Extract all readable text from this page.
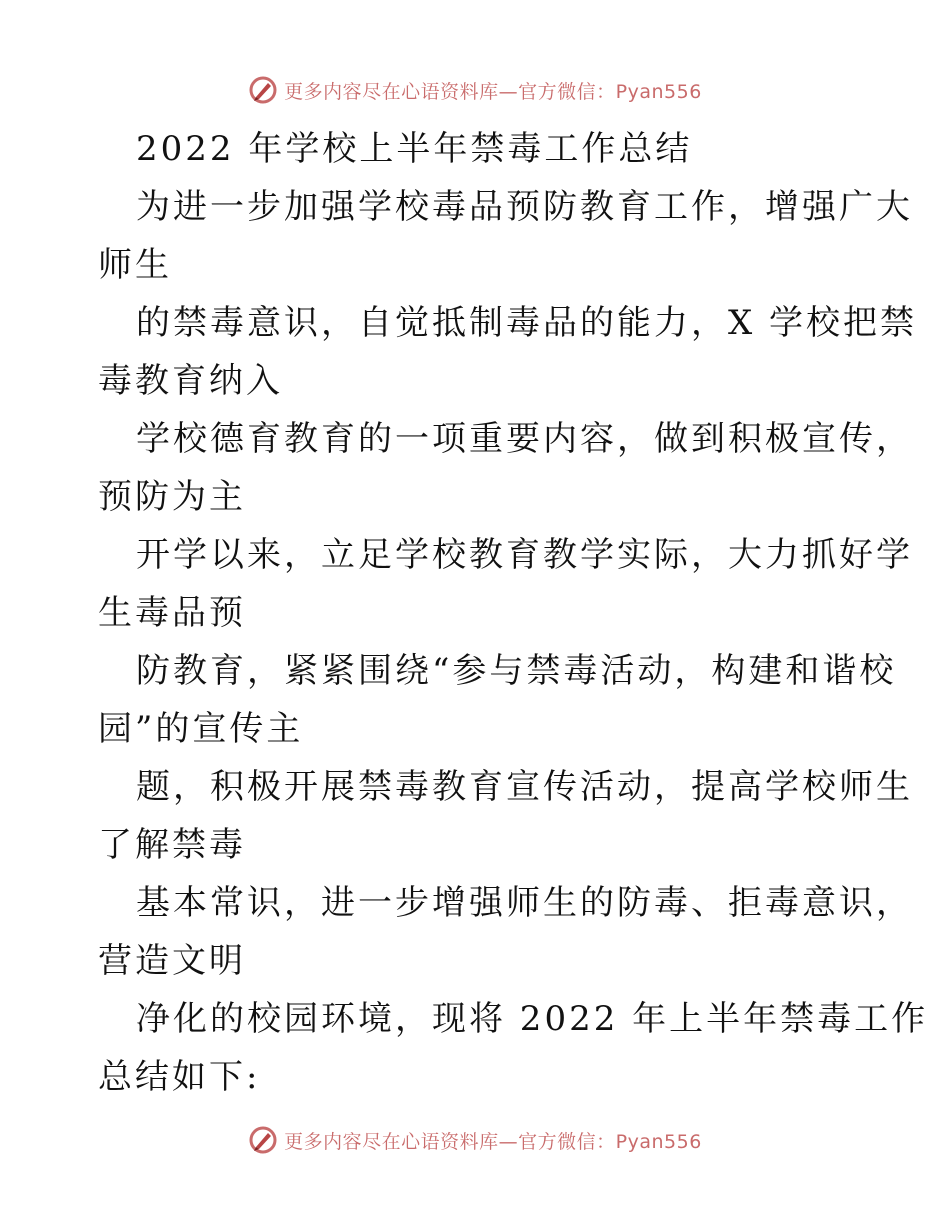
更多内容尽在心语资料库—官方微信：Pyan556
2022 年学校上半年禁毒工作总结
为进一步加强学校毒品预防教育工作，增强广大
师生
的禁毒意识，自觉抵制毒品的能力，X 学校把禁
毒教育纳入
学校德育教育的一项重要内容，做到积极宣传，
预防为主
开学以来，立足学校教育教学实际，大力抓好学
生毒品预
防教育，紧紧围绕“参与禁毒活动，构建和谐校
园”的宣传主
题，积极开展禁毒教育宣传活动，提高学校师生
了解禁毒
基本常识，进一步增强师生的防毒、拒毒意识，
营造文明
净化的校园环境，现将 2022 年上半年禁毒工作
总结如下:
更多内容尽在心语资料库—官方微信：Pyan556
